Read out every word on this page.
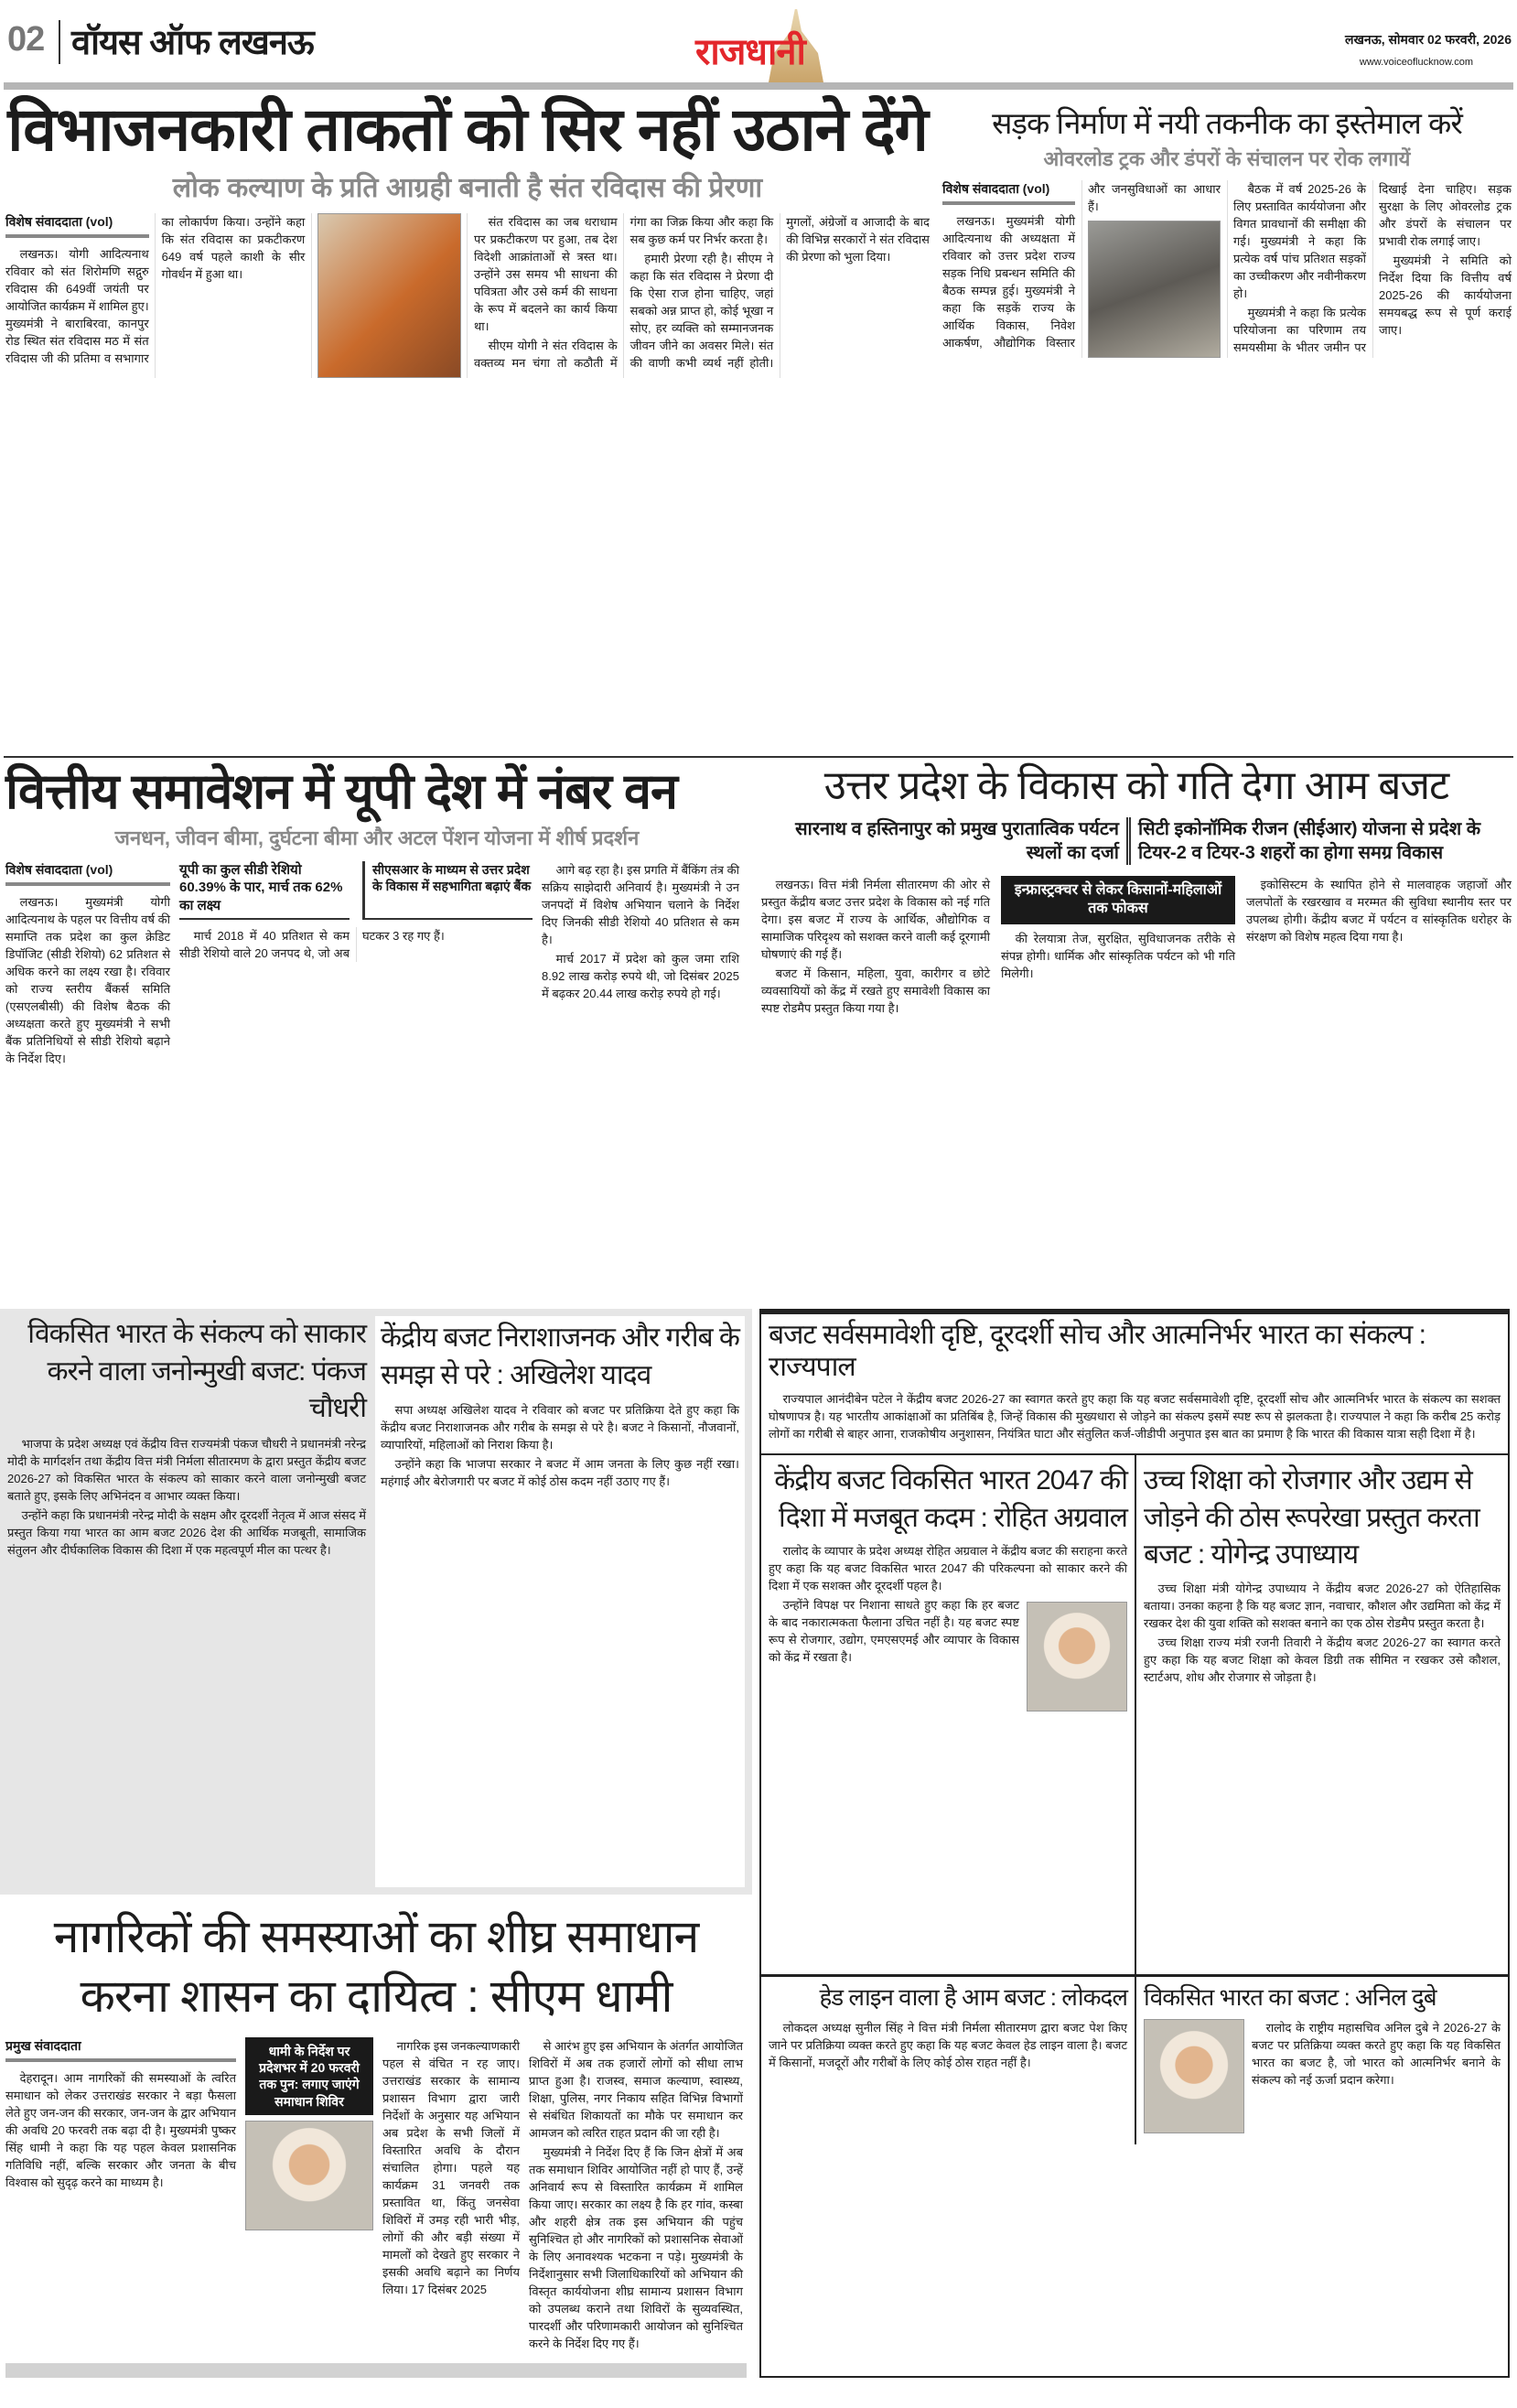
02 वॉयस ऑफ लखनऊ	राजधानी	लखनऊ, सोमवार 02 फरवरी, 2026
www.voiceoflucknow.com
विभाजनकारी ताकतों को सिर नहीं उठाने देंगे
लोक कल्याण के प्रति आग्रही बनाती है संत रविदास की प्रेरणा
विशेष संवाददाता (vol)

लखनऊ। योगी आदित्यनाथ रविवार को संत शिरोमणि सद्गुरु रविदास की 649वीं जयंती पर आयोजित कार्यक्रम में शामिल हुए। मुख्यमंत्री ने बाराबिरवा, कानपुर रोड स्थित संत रविदास मठ में संत रविदास जी की प्रतिमा व सभागार का लोकार्पण किया। उन्होंने कहा कि संत रविदास का प्रकटीकरण 649 वर्ष पहले काशी के सीर गोवर्धन में हुआ था।

संत रविदास का जब धराधाम पर प्रकटीकरण पर हुआ, तब देश विदेशी आक्रांताओं से त्रस्त था। उन्होंने उस समय भी साधना की पवित्रता और उसे कर्म की साधना के रूप में बदलने का कार्य किया था।

सीएम योगी ने संत रविदास के वक्तव्य मन चंगा तो कठौती में गंगा का जिक्र किया और कहा कि सब कुछ कर्म पर निर्भर करता है।

हमारी प्रेरणा रही है। सीएम ने कहा कि संत रविदास ने प्रेरणा दी कि ऐसा राज होना चाहिए, जहां सबको अन्न प्राप्त हो, कोई भूखा न सोए, हर व्यक्ति को सम्मानजनक जीवन जीने का अवसर मिले। संत की वाणी कभी व्यर्थ नहीं होती। मुगलों, अंग्रेजों व आजादी के बाद की विभिन्न सरकारों ने संत रविदास की प्रेरणा को भुला दिया।

सड़क निर्माण में नयी तकनीक का इस्तेमाल करें
ओवरलोड ट्रक और डंपरों के संचालन पर रोक लगायें
विशेष संवाददाता (vol)

लखनऊ। मुख्यमंत्री योगी आदित्यनाथ की अध्यक्षता में रविवार को उत्तर प्रदेश राज्य सड़क निधि प्रबन्धन समिति की बैठक सम्पन्न हुई। मुख्यमंत्री ने कहा कि सड़कें राज्य के आर्थिक विकास, निवेश आकर्षण, औद्योगिक विस्तार और जनसुविधाओं का आधार हैं।

बैठक में वर्ष 2025-26 के लिए प्रस्तावित कार्ययोजना और विगत प्रावधानों की समीक्षा की गई। मुख्यमंत्री ने कहा कि प्रत्येक वर्ष पांच प्रतिशत सड़कों का उच्चीकरण और नवीनीकरण हो।

मुख्यमंत्री ने कहा कि प्रत्येक परियोजना का परिणाम तय समयसीमा के भीतर जमीन पर दिखाई देना चाहिए। सड़क सुरक्षा के लिए ओवरलोड ट्रक और डंपरों के संचालन पर प्रभावी रोक लगाई जाए।

मुख्यमंत्री ने समिति को निर्देश दिया कि वित्तीय वर्ष 2025-26 की कार्ययोजना समयबद्ध रूप से पूर्ण कराई जाए।

वित्तीय समावेशन में यूपी देश में नंबर वन
जनधन, जीवन बीमा, दुर्घटना बीमा और अटल पेंशन योजना में शीर्ष प्रदर्शन
विशेष संवाददाता (vol)

लखनऊ। मुख्यमंत्री योगी आदित्यनाथ के पहल पर वित्तीय वर्ष की समाप्ति तक प्रदेश का कुल क्रेडिट डिपॉजिट (सीडी रेशियो) 62 प्रतिशत से अधिक करने का लक्ष्य रखा है। रविवार को राज्य स्तरीय बैंकर्स समिति (एसएलबीसी) की विशेष बैठक की अध्यक्षता करते हुए मुख्यमंत्री ने सभी बैंक प्रतिनिधियों से सीडी रेशियो बढ़ाने के निर्देश दिए।

यूपी का कुल सीडी रेशियो 60.39% के पार, मार्च तक 62% का लक्ष्य
सीएसआर के माध्यम से उत्तर प्रदेश के विकास में सहभागिता बढ़ाएं बैंक

मार्च 2018 में 40 प्रतिशत से कम सीडी रेशियो वाले 20 जनपद थे, जो अब घटकर 3 रह गए हैं।

आगे बढ़ रहा है। इस प्रगति में बैंकिंग तंत्र की सक्रिय साझेदारी अनिवार्य है। मुख्यमंत्री ने उन जनपदों में विशेष अभियान चलाने के निर्देश दिए जिनकी सीडी रेशियो 40 प्रतिशत से कम है।

मार्च 2017 में प्रदेश को कुल जमा राशि 8.92 लाख करोड़ रुपये थी, जो दिसंबर 2025 में बढ़कर 20.44 लाख करोड़ रुपये हो गई।

उत्तर प्रदेश के विकास को गति देगा आम बजट
सारनाथ व हस्तिनापुर को प्रमुख पुरातात्विक पर्यटन स्थलों का दर्जा
सिटी इकोनॉमिक रीजन (सीईआर) योजना से प्रदेश के टियर-2 व टियर-3 शहरों का होगा समग्र विकास

लखनऊ। वित्त मंत्री निर्मला सीतारमण की ओर से प्रस्तुत केंद्रीय बजट उत्तर प्रदेश के विकास को नई गति देगा। इस बजट में राज्य के आर्थिक, औद्योगिक व सामाजिक परिदृश्य को सशक्त करने वाली कई दूरगामी घोषणाएं की गई हैं।

बजट में किसान, महिला, युवा, कारीगर व छोटे व्यवसायियों को केंद्र में रखते हुए समावेशी विकास का स्पष्ट रोडमैप प्रस्तुत किया गया है।

इन्फ्रास्ट्रक्चर से लेकर किसानों-महिलाओं तक फोकस

की रेलयात्रा तेज, सुरक्षित, सुविधाजनक तरीके से संपन्न होगी। धार्मिक और सांस्कृतिक पर्यटन को भी गति मिलेगी।

इकोसिस्टम के स्थापित होने से मालवाहक जहाजों और जलपोतों के रखरखाव व मरम्मत की सुविधा स्थानीय स्तर पर उपलब्ध होगी। केंद्रीय बजट में पर्यटन व सांस्कृतिक धरोहर के संरक्षण को विशेष महत्व दिया गया है।

विकसित भारत के संकल्प को साकार करने वाला जनोन्मुखी बजट: पंकज चौधरी

भाजपा के प्रदेश अध्यक्ष एवं केंद्रीय वित्त राज्यमंत्री पंकज चौधरी ने प्रधानमंत्री नरेन्द्र मोदी के मार्गदर्शन तथा केंद्रीय वित्त मंत्री निर्मला सीतारमण के द्वारा प्रस्तुत केंद्रीय बजट 2026-27 को विकसित भारत के संकल्प को साकार करने वाला जनोन्मुखी बजट बताते हुए, इसके लिए अभिनंदन व आभार व्यक्त किया।

उन्होंने कहा कि प्रधानमंत्री नरेन्द्र मोदी के सक्षम और दूरदर्शी नेतृत्व में आज संसद में प्रस्तुत किया गया भारत का आम बजट 2026 देश की आर्थिक मजबूती, सामाजिक संतुलन और दीर्घकालिक विकास की दिशा में एक महत्वपूर्ण मील का पत्थर है।

केंद्रीय बजट निराशाजनक और गरीब के समझ से परे : अखिलेश यादव

सपा अध्यक्ष अखिलेश यादव ने रविवार को बजट पर प्रतिक्रिया देते हुए कहा कि केंद्रीय बजट निराशाजनक और गरीब के समझ से परे है। बजट ने किसानों, नौजवानों, व्यापारियों, महिलाओं को निराश किया है।

उन्होंने कहा कि भाजपा सरकार ने बजट में आम जनता के लिए कुछ नहीं रखा। महंगाई और बेरोजगारी पर बजट में कोई ठोस कदम नहीं उठाए गए हैं।

नागरिकों की समस्याओं का शीघ्र समाधान करना शासन का दायित्व : सीएम धामी
प्रमुख संवाददाता

देहरादून। आम नागरिकों की समस्याओं के त्वरित समाधान को लेकर उत्तराखंड सरकार ने बड़ा फैसला लेते हुए जन-जन की सरकार, जन-जन के द्वार अभियान की अवधि 20 फरवरी तक बढ़ा दी है। मुख्यमंत्री पुष्कर सिंह धामी ने कहा कि यह पहल केवल प्रशासनिक गतिविधि नहीं, बल्कि सरकार और जनता के बीच विश्वास को सुदृढ़ करने का माध्यम है।

धामी के निर्देश पर प्रदेशभर में 20 फरवरी तक पुन: लगाए जाएंगे समाधान शिविर

नागरिक इस जनकल्याणकारी पहल से वंचित न रह जाए। उत्तराखंड सरकार के सामान्य प्रशासन विभाग द्वारा जारी निर्देशों के अनुसार यह अभियान अब प्रदेश के सभी जिलों में विस्तारित अवधि के दौरान संचालित होगा। पहले यह कार्यक्रम 31 जनवरी तक प्रस्तावित था, किंतु जनसेवा शिविरों में उमड़ रही भारी भीड़, लोगों की और बड़ी संख्या में मामलों को देखते हुए सरकार ने इसकी अवधि बढ़ाने का निर्णय लिया। 17 दिसंबर 2025

से आरंभ हुए इस अभियान के अंतर्गत आयोजित शिविरों में अब तक हजारों लोगों को सीधा लाभ प्राप्त हुआ है। राजस्व, समाज कल्याण, स्वास्थ्य, शिक्षा, पुलिस, नगर निकाय सहित विभिन्न विभागों से संबंधित शिकायतों का मौके पर समाधान कर आमजन को त्वरित राहत प्रदान की जा रही है।

मुख्यमंत्री ने निर्देश दिए हैं कि जिन क्षेत्रों में अब तक समाधान शिविर आयोजित नहीं हो पाए हैं, उन्हें अनिवार्य रूप से विस्तारित कार्यक्रम में शामिल किया जाए। सरकार का लक्ष्य है कि हर गांव, कस्बा और शहरी क्षेत्र तक इस अभियान की पहुंच सुनिश्चित हो और नागरिकों को प्रशासनिक सेवाओं के लिए अनावश्यक भटकना न पड़े। मुख्यमंत्री के निर्देशानुसार सभी जिलाधिकारियों को अभियान की विस्तृत कार्ययोजना शीघ्र सामान्य प्रशासन विभाग को उपलब्ध कराने तथा शिविरों के सुव्यवस्थित, पारदर्शी और परिणामकारी आयोजन को सुनिश्चित करने के निर्देश दिए गए हैं।

बजट सर्वसमावेशी दृष्टि, दूरदर्शी सोच और आत्मनिर्भर भारत का संकल्प : राज्यपाल

राज्यपाल आनंदीबेन पटेल ने केंद्रीय बजट 2026-27 का स्वागत करते हुए कहा कि यह बजट सर्वसमावेशी दृष्टि, दूरदर्शी सोच और आत्मनिर्भर भारत के संकल्प का सशक्त घोषणापत्र है। यह भारतीय आकांक्षाओं का प्रतिबिंब है, जिन्हें विकास की मुख्यधारा से जोड़ने का संकल्प इसमें स्पष्ट रूप से झलकता है। राज्यपाल ने कहा कि करीब 25 करोड़ लोगों का गरीबी से बाहर आना, राजकोषीय अनुशासन, नियंत्रित घाटा और संतुलित कर्ज-जीडीपी अनुपात इस बात का प्रमाण है कि भारत की विकास यात्रा सही दिशा में है।

केंद्रीय बजट विकसित भारत 2047 की दिशा में मजबूत कदम : रोहित अग्रवाल

रालोद के व्यापार के प्रदेश अध्यक्ष रोहित अग्रवाल ने केंद्रीय बजट की सराहना करते हुए कहा कि यह बजट विकसित भारत 2047 की परिकल्पना को साकार करने की दिशा में एक सशक्त और दूरदर्शी पहल है।

उन्होंने विपक्ष पर निशाना साधते हुए कहा कि हर बजट के बाद नकारात्मकता फैलाना उचित नहीं है। यह बजट स्पष्ट रूप से रोजगार, उद्योग, एमएसएमई और व्यापार के विकास को केंद्र में रखता है।

उच्च शिक्षा को रोजगार और उद्यम से जोड़ने की ठोस रूपरेखा प्रस्तुत करता बजट : योगेन्द्र उपाध्याय

उच्च शिक्षा मंत्री योगेन्द्र उपाध्याय ने केंद्रीय बजट 2026-27 को ऐतिहासिक बताया। उनका कहना है कि यह बजट ज्ञान, नवाचार, कौशल और उद्यमिता को केंद्र में रखकर देश की युवा शक्ति को सशक्त बनाने का एक ठोस रोडमैप प्रस्तुत करता है।

उच्च शिक्षा राज्य मंत्री रजनी तिवारी ने केंद्रीय बजट 2026-27 का स्वागत करते हुए कहा कि यह बजट शिक्षा को केवल डिग्री तक सीमित न रखकर उसे कौशल, स्टार्टअप, शोध और रोजगार से जोड़ता है।

हेड लाइन वाला है आम बजट : लोकदल

लोकदल अध्यक्ष सुनील सिंह ने वित्त मंत्री निर्मला सीतारमण द्वारा बजट पेश किए जाने पर प्रतिक्रिया व्यक्त करते हुए कहा कि यह बजट केवल हेड लाइन वाला है। बजट में किसानों, मजदूरों और गरीबों के लिए कोई ठोस राहत नहीं है।

विकसित भारत का बजट : अनिल दुबे

रालोद के राष्ट्रीय महासचिव अनिल दुबे ने 2026-27 के बजट पर प्रतिक्रिया व्यक्त करते हुए कहा कि यह विकसित भारत का बजट है, जो भारत को आत्मनिर्भर बनाने के संकल्प को नई ऊर्जा प्रदान करेगा।
